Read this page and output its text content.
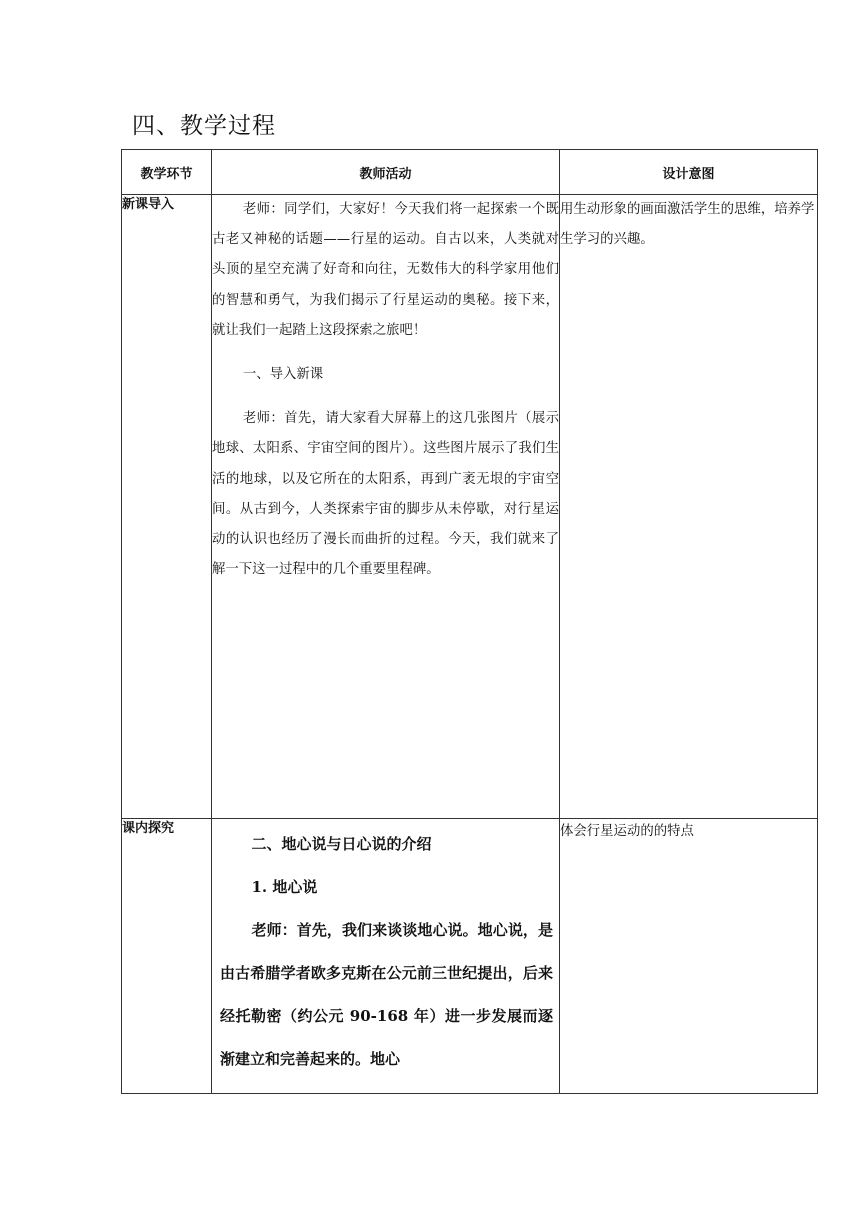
四、教学过程
教学环节	教师活动	设计意图
新课导入	老师：同学们，大家好！今天我们将一起探索一个既古老又神秘的话题——行星的运动。自古以来，人类就对头顶的星空充满了好奇和向往，无数伟大的科学家用他们的智慧和勇气，为我们揭示了行星运动的奥秘。接下来，就让我们一起踏上这段探索之旅吧！

一、导入新课

老师：首先，请大家看大屏幕上的这几张图片（展示地球、太阳系、宇宙空间的图片）。这些图片展示了我们生活的地球，以及它所在的太阳系，再到广袤无垠的宇宙空间。从古到今，人类探索宇宙的脚步从未停歇，对行星运动的认识也经历了漫长而曲折的过程。今天，我们就来了解一下这一过程中的几个重要里程碑。	用生动形象的画面激活学生的思维，培养学生学习的兴趣。

课内探究	二、地心说与日心说的介绍

1. 地心说

老师：首先，我们来谈谈地心说。地心说，是由古希腊学者欧多克斯在公元前三世纪提出，后来经托勒密（约公元 90-168 年）进一步发展而逐渐建立和完善起来的。地心	体会行星运动的的特点
